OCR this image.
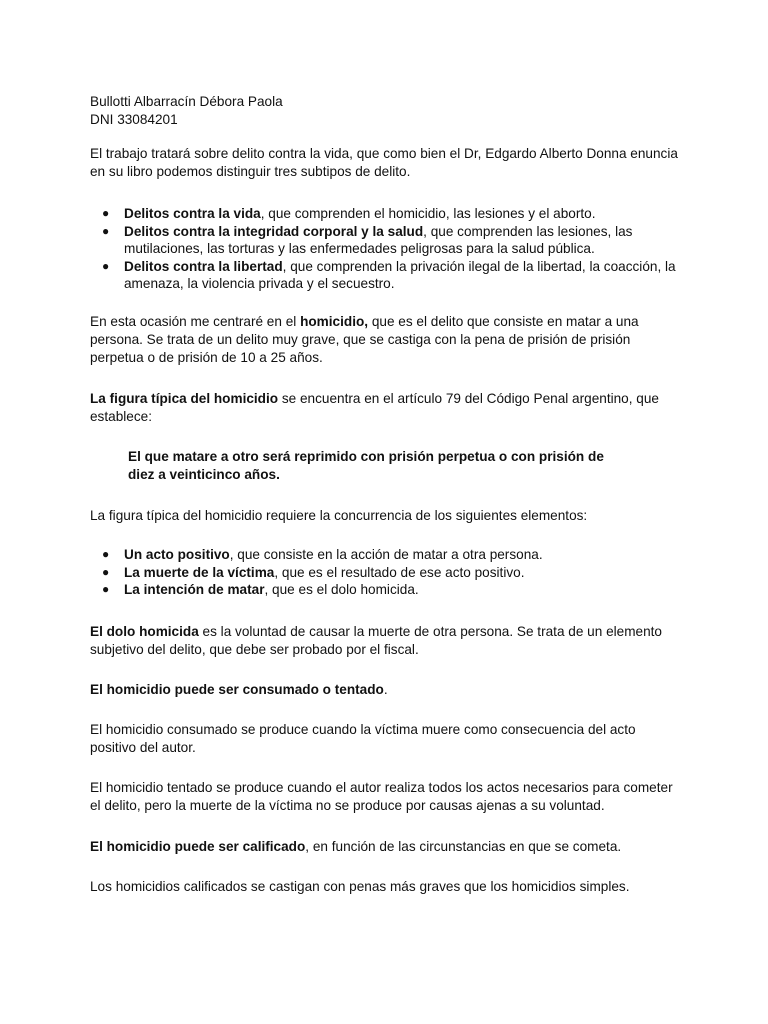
Bullotti Albarracín Débora Paola

DNI 33084201

El trabajo tratará sobre delito contra la vida, que como bien el Dr, Edgardo Alberto Donna enuncia en su libro podemos distinguir tres subtipos de delito.

● Delitos contra la vida, que comprenden el homicidio, las lesiones y el aborto.
● Delitos contra la integridad corporal y la salud, que comprenden las lesiones, las mutilaciones, las torturas y las enfermedades peligrosas para la salud pública.
● Delitos contra la libertad, que comprenden la privación ilegal de la libertad, la coacción, la amenaza, la violencia privada y el secuestro.

En esta ocasión me centraré en el homicidio, que es el delito que consiste en matar a una persona. Se trata de un delito muy grave, que se castiga con la pena de prisión de prisión perpetua o de prisión de 10 a 25 años.

La figura típica del homicidio se encuentra en el artículo 79 del Código Penal argentino, que establece:

El que matare a otro será reprimido con prisión perpetua o con prisión de diez a veinticinco años.

La figura típica del homicidio requiere la concurrencia de los siguientes elementos:

● Un acto positivo, que consiste en la acción de matar a otra persona.
● La muerte de la víctima, que es el resultado de ese acto positivo.
● La intención de matar, que es el dolo homicida.

El dolo homicida es la voluntad de causar la muerte de otra persona. Se trata de un elemento subjetivo del delito, que debe ser probado por el fiscal.

El homicidio puede ser consumado o tentado.

El homicidio consumado se produce cuando la víctima muere como consecuencia del acto positivo del autor.

El homicidio tentado se produce cuando el autor realiza todos los actos necesarios para cometer el delito, pero la muerte de la víctima no se produce por causas ajenas a su voluntad.

El homicidio puede ser calificado, en función de las circunstancias en que se cometa.

Los homicidios calificados se castigan con penas más graves que los homicidios simples.
